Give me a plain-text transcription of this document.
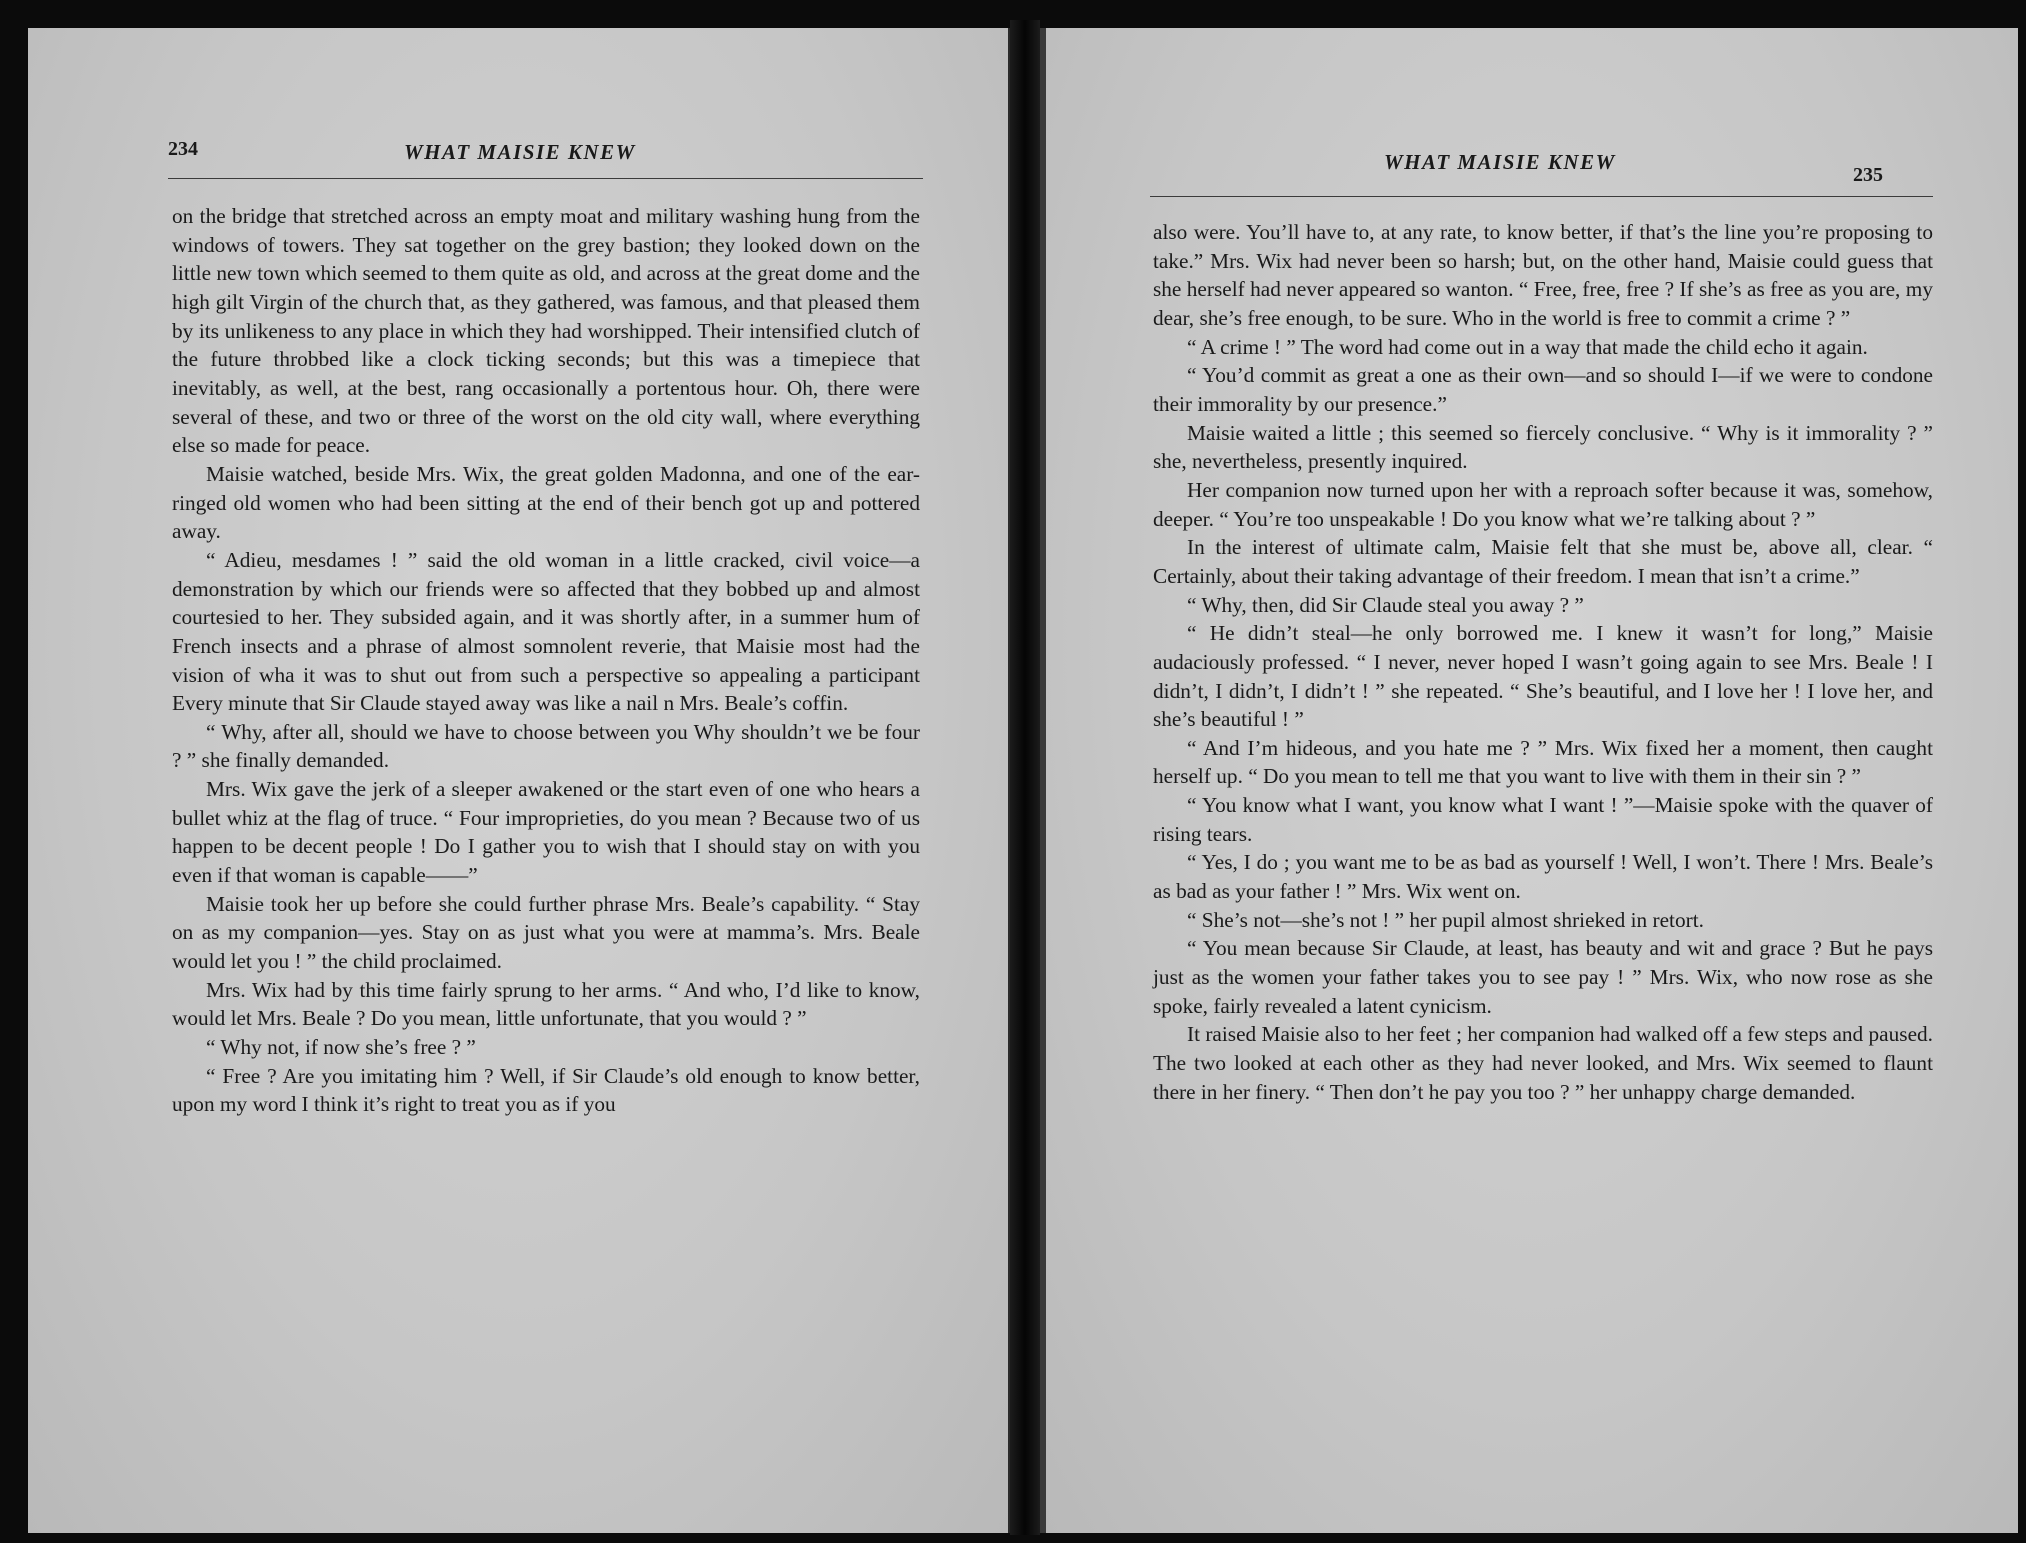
234	WHAT MAISIE KNEW

on the bridge that stretched across an empty moat and military washing hung from the windows of towers. They sat together on the grey bastion; they looked down on the little new town which seemed to them quite as old, and across at the great dome and the high gilt Virgin of the church that, as they gathered, was famous, and that pleased them by its unlikeness to any place in which they had worshipped. Their intensified clutch of the future throbbed like a clock ticking seconds; but this was a timepiece that inevitably, as well, at the best, rang occasionally a portentous hour. Oh, there were several of these, and two or three of the worst on the old city wall, where everything else so made for peace.

Maisie watched, beside Mrs. Wix, the great golden Madonna, and one of the ear-ringed old women who had been sitting at the end of their bench got up and pottered away.

“ Adieu, mesdames ! ” said the old woman in a little cracked, civil voice—a demonstration by which our friends were so affected that they bobbed up and almost courtesied to her. They subsided again, and it was shortly after, in a summer hum of French insects and a phrase of almost somnolent reverie, that Maisie most had the vision of wha it was to shut out from such a perspective so appealing a participant Every minute that Sir Claude stayed away was like a nail n Mrs. Beale’s coffin.

“ Why, after all, should we have to choose between you Why shouldn’t we be four ? ” she finally demanded.

Mrs. Wix gave the jerk of a sleeper awakened or the start even of one who hears a bullet whiz at the flag of truce. “ Four improprieties, do you mean ? Because two of us happen to be decent people ! Do I gather you to wish that I should stay on with you even if that woman is capable——”

Maisie took her up before she could further phrase Mrs. Beale’s capability. “ Stay on as my companion—yes. Stay on as just what you were at mamma’s. Mrs. Beale would let you ! ” the child proclaimed.

Mrs. Wix had by this time fairly sprung to her arms. “ And who, I’d like to know, would let Mrs. Beale ? Do you mean, little unfortunate, that you would ? ”

“ Why not, if now she’s free ? ”

“ Free ? Are you imitating him ? Well, if Sir Claude’s old enough to know better, upon my word I think it’s right to treat you as if you

WHAT MAISIE KNEW
235

also were. You’ll have to, at any rate, to know better, if that’s the line you’re proposing to take.” Mrs. Wix had never been so harsh; but, on the other hand, Maisie could guess that she herself had never appeared so wanton. “ Free, free, free ? If she’s as free as you are, my dear, she’s free enough, to be sure. Who in the world is free to commit a crime ? ”

“ A crime ! ” The word had come out in a way that made the child echo it again.

“ You’d commit as great a one as their own—and so should I—if we were to condone their immorality by our presence.”

Maisie waited a little ; this seemed so fiercely conclusive. “ Why is it immorality ? ” she, nevertheless, presently inquired.

Her companion now turned upon her with a reproach softer because it was, somehow, deeper. “ You’re too unspeakable ! Do you know what we’re talking about ? ”

In the interest of ultimate calm, Maisie felt that she must be, above all, clear. “ Certainly, about their taking advantage of their freedom. I mean that isn’t a crime.”

“ Why, then, did Sir Claude steal you away ? ”

“ He didn’t steal—he only borrowed me. I knew it wasn’t for long,” Maisie audaciously professed. “ I never, never hoped I wasn’t going again to see Mrs. Beale ! I didn’t, I didn’t, I didn’t ! ” she repeated. “ She’s beautiful, and I love her ! I love her, and she’s beautiful ! ”

“ And I’m hideous, and you hate me ? ” Mrs. Wix fixed her a moment, then caught herself up. “ Do you mean to tell me that you want to live with them in their sin ? ”

“ You know what I want, you know what I want ! ”—Maisie spoke with the quaver of rising tears.

“ Yes, I do ; you want me to be as bad as yourself ! Well, I won’t. There ! Mrs. Beale’s as bad as your father ! ” Mrs. Wix went on.

“ She’s not—she’s not ! ” her pupil almost shrieked in retort.

“ You mean because Sir Claude, at least, has beauty and wit and grace ? But he pays just as the women your father takes you to see pay ! ” Mrs. Wix, who now rose as she spoke, fairly revealed a latent cynicism.

It raised Maisie also to her feet ; her companion had walked off a few steps and paused. The two looked at each other as they had never looked, and Mrs. Wix seemed to flaunt there in her finery. “ Then don’t he pay you too ? ” her unhappy charge demanded.
